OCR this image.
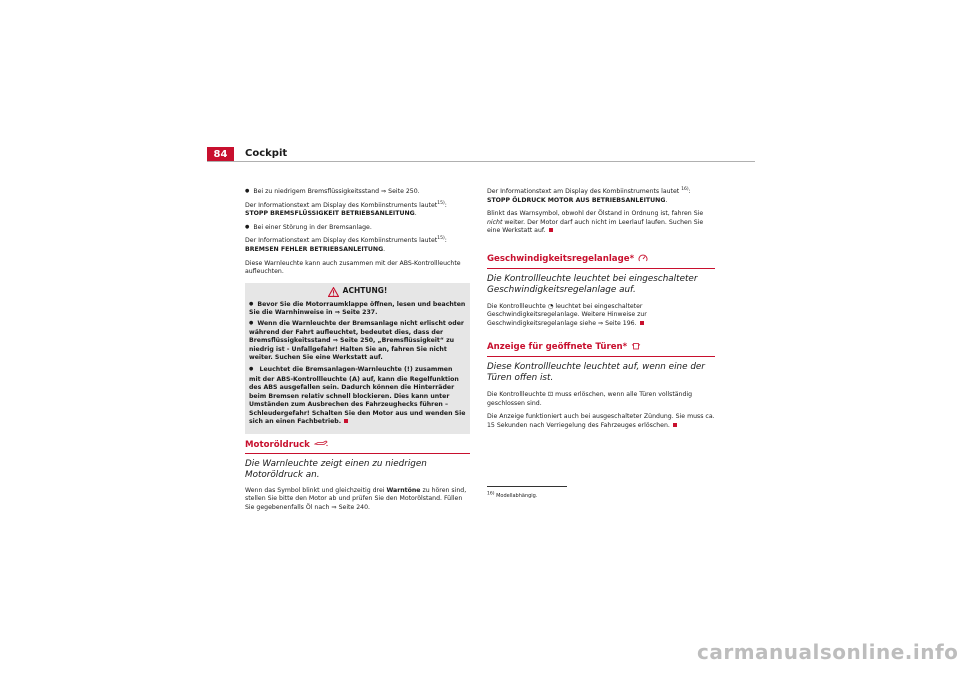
84	Cockpit

● Bei zu niedrigem Bremsflüssigkeitsstand ⇒ Seite 250.

Der Informationstext am Display des Kombiinstruments lautet$^{15)}$: STOPP BREMSFLÜSSIGKEIT BETRIEBSANLEITUNG.

● Bei einer Störung in der Bremsanlage.

Der Informationstext am Display des Kombiinstruments lautet$^{15)}$: BREMSEN FEHLER BETRIEBSANLEITUNG.

Diese Warnleuchte kann auch zusammen mit der ABS-Kontrollleuchte aufleuchten.

ACHTUNG!

● Bevor Sie die Motorraumklappe öffnen, lesen und beachten Sie die Warnhinweise in ⇒ Seite 237.

● Wenn die Warnleuchte der Bremsanlage nicht erlischt oder während der Fahrt aufleuchtet, bedeutet dies, dass der Bremsflüssigkeitsstand ⇒ Seite 250, „Bremsflüssigkeit“ zu niedrig ist - Unfallgefahr! Halten Sie an, fahren Sie nicht weiter. Suchen Sie eine Werkstatt auf.

● Leuchtet die Bremsanlagen-Warnleuchte (!) zusammen mit der ABS-Kontrollleuchte (A) auf, kann die Regelfunktion des ABS ausgefallen sein. Dadurch können die Hinterräder beim Bremsen relativ schnell blockieren. Dies kann unter Umständen zum Ausbrechen des Fahrzeughecks führen – Schleudergefahr! Schalten Sie den Motor aus und wenden Sie sich an einen Fachbetrieb.

Motoröldruck
Die Warnleuchte zeigt einen zu niedrigen Motoröldruck an.

Wenn das Symbol blinkt und gleichzeitig drei Warntöne zu hören sind, stellen Sie bitte den Motor ab und prüfen Sie den Motorölstand. Füllen Sie gegebenenfalls Öl nach ⇒ Seite 240.

Der Informationstext am Display des Kombiinstruments lautet $^{16)}$: STOPP ÖLDRUCK MOTOR AUS BETRIEBSANLEITUNG.

Blinkt das Warnsymbol, obwohl der Ölstand in Ordnung ist, fahren Sie nicht weiter. Der Motor darf auch nicht im Leerlauf laufen. Suchen Sie eine Werkstatt auf.

Geschwindigkeitsregelanlage*
Die Kontrollleuchte leuchtet bei eingeschalteter Geschwindigkeitsregelanlage auf.

Die Kontrollleuchte ◔ leuchtet bei eingeschalteter Geschwindigkeitsregelanlage. Weitere Hinweise zur Geschwindigkeitsregelanlage siehe ⇒ Seite 196.

Anzeige für geöffnete Türen*
Diese Kontrollleuchte leuchtet auf, wenn eine der Türen offen ist.

Die Kontrollleuchte ⊡ muss erlöschen, wenn alle Türen vollständig geschlossen sind.

Die Anzeige funktioniert auch bei ausgeschalteter Zündung. Sie muss ca. 15 Sekunden nach Verriegelung des Fahrzeuges erlöschen.

$^{16)}$ Modellabhängig.
carmanualsonline.info
